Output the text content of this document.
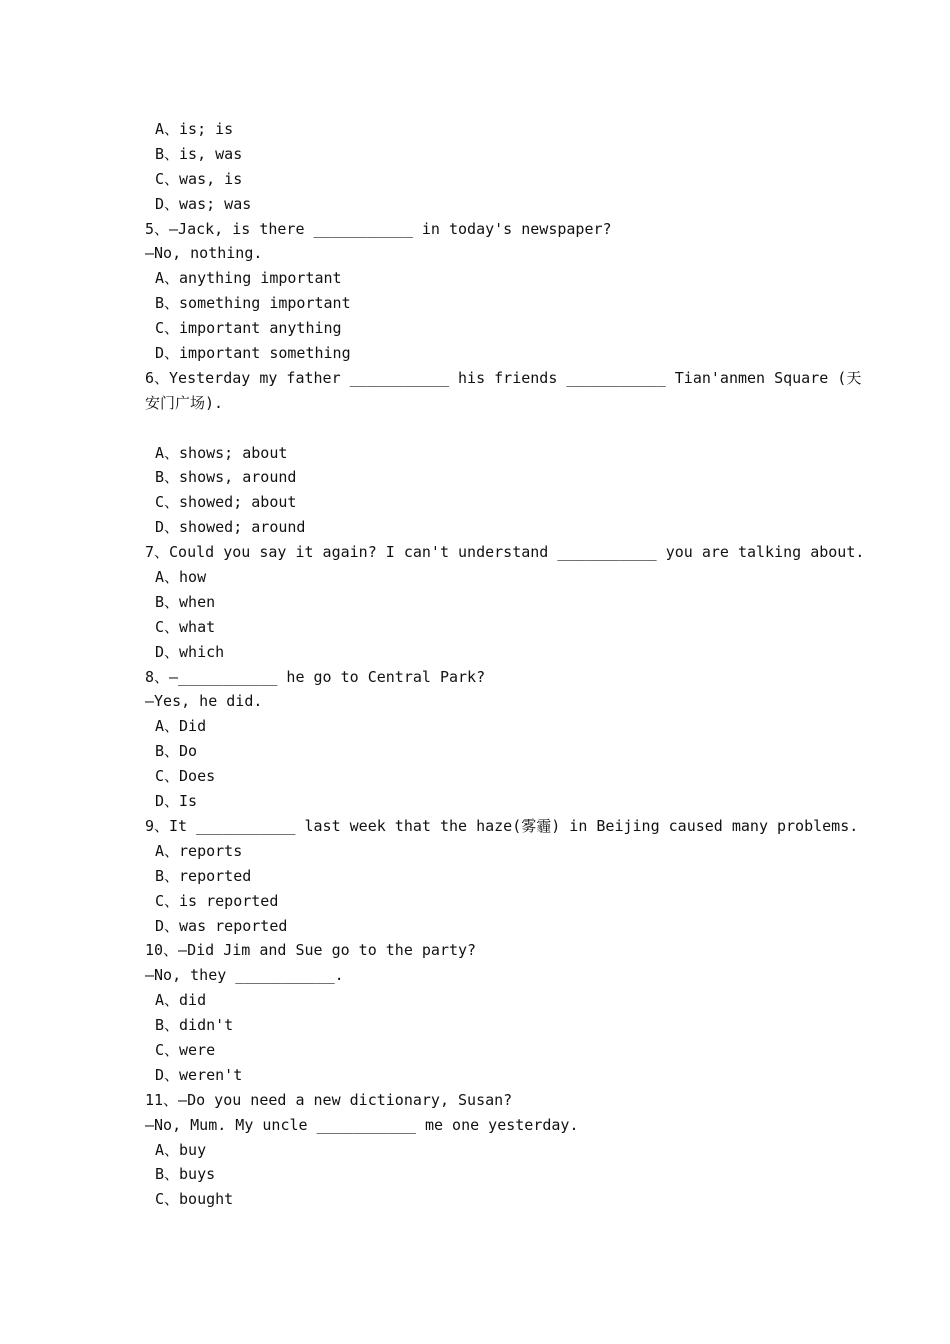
A、is; is
B、is, was
C、was, is
D、was; was
5、—Jack, is there ___________ in today's newspaper?
—No, nothing.
A、anything important
B、something important
C、important anything
D、important something
6、Yesterday my father ___________ his friends ___________ Tian'anmen Square (天
安门广场).
A、shows; about
B、shows, around
C、showed; about
D、showed; around
7、Could you say it again? I can't understand ___________ you are talking about.
A、how
B、when
C、what
D、which
8、—___________ he go to Central Park?
—Yes, he did.
A、Did
B、Do
C、Does
D、Is
9、It ___________ last week that the haze(雾霾) in Beijing caused many problems.
A、reports
B、reported
C、is reported
D、was reported
10、—Did Jim and Sue go to the party?
—No, they ___________.
A、did
B、didn't
C、were
D、weren't
11、—Do you need a new dictionary, Susan?
—No, Mum. My uncle ___________ me one yesterday.
A、buy
B、buys
C、bought
